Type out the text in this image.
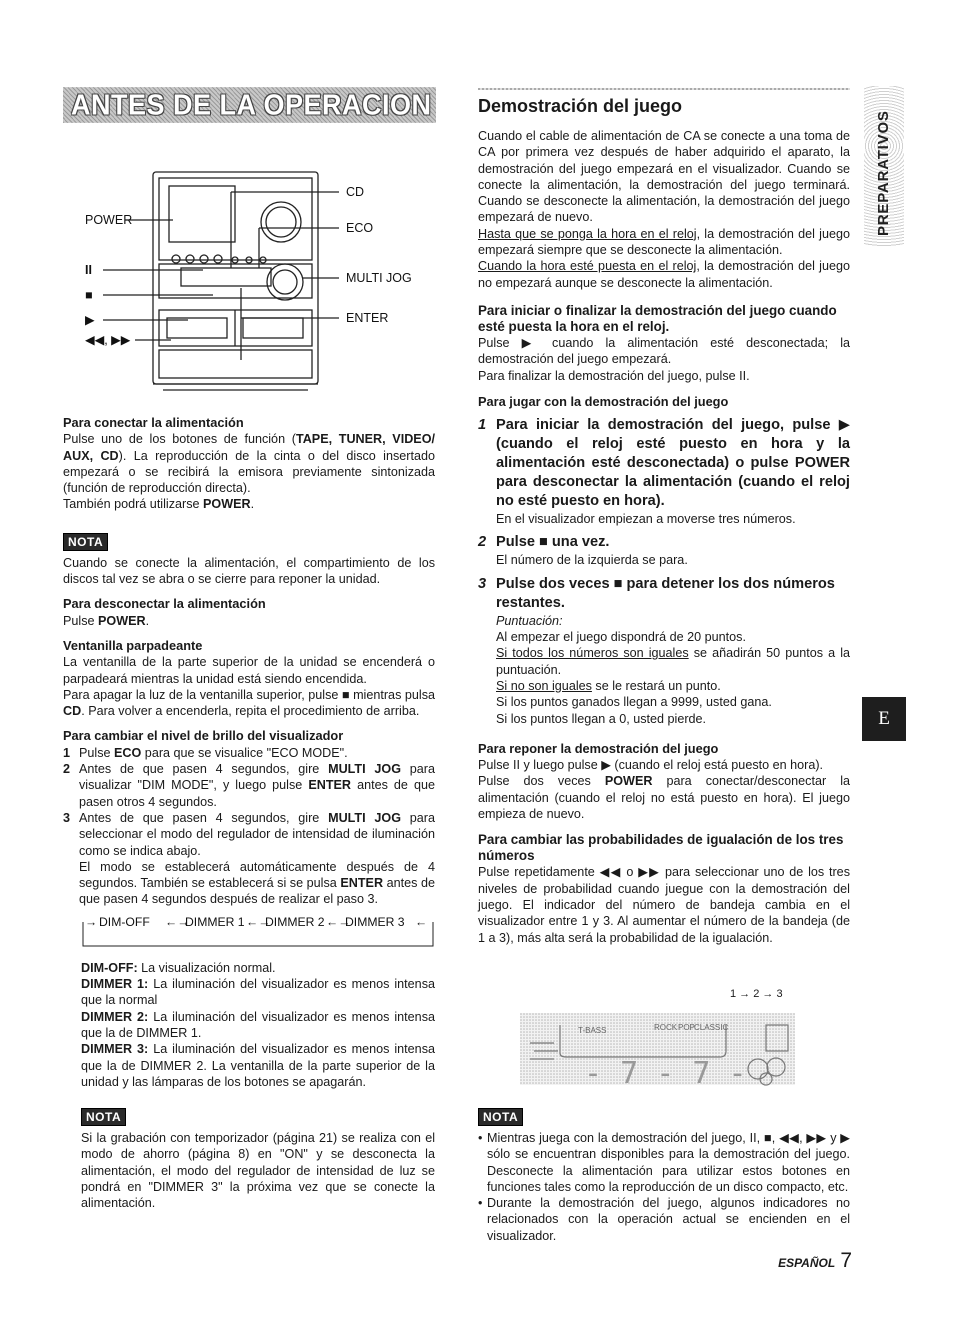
ANTES DE LA OPERACION
PREPARATIVOS
E
POWER
II
■
▶
◀◀, ▶▶
CD
ECO
MULTI JOG
ENTER

Para conectar la alimentación

Pulse uno de los botones de función (TAPE, TUNER, VIDEO/ AUX, CD). La reproducción de la cinta o del disco insertado empezará o se recibirá la emisora previamente sintonizada (función de reproducción directa).

También podrá utilizarse POWER.

NOTA

Cuando se conecte la alimentación, el compartimiento de los discos tal vez se abra o se cierre para reponer la unidad.

Para desconectar la alimentación

Pulse POWER.

Ventanilla parpadeante

La ventanilla de la parte superior de la unidad se encenderá o parpadeará mientras la unidad está siendo encendida.

Para apagar la luz de la ventanilla superior, pulse ■ mientras pulsa CD. Para volver a encenderla, repita el procedimiento de arriba.

Para cambiar el nivel de brillo del visualizador

1 Pulse ECO para que se visualice "ECO MODE".
2 Antes de que pasen 4 segundos, gire MULTI JOG para visualizar "DIM MODE", y luego pulse ENTER antes de que pasen otros 4 segundos.
3 Antes de que pasen 4 segundos, gire MULTI JOG para seleccionar el modo del regulador de intensidad de iluminación como se indica abajo.
El modo se establecerá automáticamente después de 4 segundos. También se establecerá si se pulsa ENTER antes de que pasen 4 segundos después de realizar el paso 3.
→ DIM-OFF ←→
DIMMER 1 ←→
DIMMER 2 ←→
DIMMER 3 ←

DIM-OFF: La visualización normal.

DIMMER 1: La iluminación del visualizador es menos intensa que la normal

DIMMER 2: La iluminación del visualizador es menos intensa que la de DIMMER 1.

DIMMER 3: La iluminación del visualizador es menos intensa que la de DIMMER 2. La ventanilla de la parte superior de la unidad y las lámparas de los botones se apagarán.

NOTA

Si la grabación con temporizador (página 21) se realiza con el modo de ahorro (página 8) en "ON" y se desconecta la alimentación, el modo del regulador de intensidad de luz se pondrá en "DIMMER 3" la próxima vez que se conecte la alimentación.

Demostración del juego

Cuando el cable de alimentación de CA se conecte a una toma de CA por primera vez después de haber adquirido el aparato, la demostración del juego empezará en el visualizador. Cuando se conecte la alimentación, la demostración del juego terminará. Cuando se desconecte la alimentación, la demostración del juego empezará de nuevo.

Hasta que se ponga la hora en el reloj, la demostración del juego empezará siempre que se desconecte la alimentación.

Cuando la hora esté puesta en el reloj, la demostración del juego no empezará aunque se desconecte la alimentación.

Para iniciar o finalizar la demostración del juego cuando esté puesta la hora en el reloj.

Pulse ▶ cuando la alimentación esté desconectada; la demostración del juego empezará.

Para finalizar la demostración del juego, pulse II.

Para jugar con la demostración del juego

1 Para iniciar la demostración del juego, pulse ▶ (cuando el reloj esté puesto en hora y la alimentación esté desconectada) o pulse POWER para desconectar la alimentación (cuando el reloj no esté puesto en hora).

En el visualizador empiezan a moverse tres números.

2 Pulse ■ una vez.

El número de la izquierda se para.

3 Pulse dos veces ■ para detener los dos números restantes.

Puntuación:

Al empezar el juego dispondrá de 20 puntos.

Si todos los números son iguales se añadirán 50 puntos a la puntuación.

Si no son iguales se le restará un punto.

Si los puntos ganados llegan a 9999, usted gana.

Si los puntos llegan a 0, usted pierde.

Para reponer la demostración del juego

Pulse II y luego pulse ▶ (cuando el reloj está puesto en hora).

Pulse dos veces POWER para conectar/desconectar la alimentación (cuando el reloj no está puesto en hora). El juego empieza de nuevo.

Para cambiar las probabilidades de igualación de los tres números

Pulse repetidamente ◀◀ o ▶▶ para seleccionar uno de los tres niveles de probabilidad cuando juegue con la demostración del juego. El indicador del número de bandeja cambia en el visualizador entre 1 y 3. Al aumentar el número de la bandeja (de 1 a 3), más alta será la probabilidad de la igualación.

1 → 2 → 3
T-BASS	ROCK POP CLASSIC
- 7 - 7 -
NOTA
• Mientras juega con la demostración del juego, II, ■, ◀◀, ▶▶ y ▶ sólo se encuentran disponibles para la demostración del juego. Desconecte la alimentación para utilizar estos botones en funciones tales como la reproducción de un disco compacto, etc.
• Durante la demostración del juego, algunos indicadores no relacionados con la operación actual se encienden en el visualizador.
ESPAÑOL 7
